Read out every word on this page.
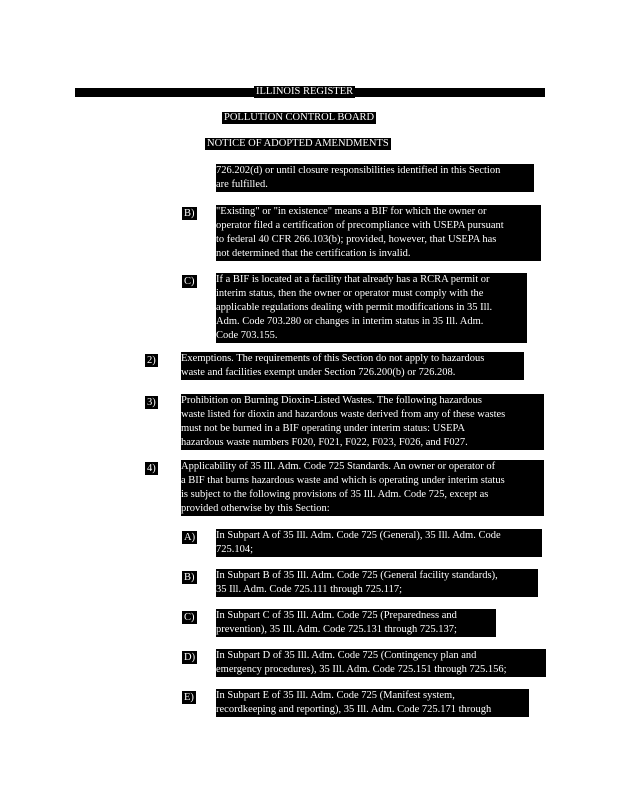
ILLINOIS REGISTER
POLLUTION CONTROL BOARD
NOTICE OF ADOPTED AMENDMENTS
726.202(d) or until closure responsibilities identified in this Section
are fulfilled.
B) "Existing" or "in existence" means a BIF for which the owner or
operator filed a certification of precompliance with USEPA pursuant
to federal 40 CFR 266.103(b); provided, however, that USEPA has
not determined that the certification is invalid.
C) If a BIF is located at a facility that already has a RCRA permit or
interim status, then the owner or operator must comply with the
applicable regulations dealing with permit modifications in 35 Ill.
Adm. Code 703.280 or changes in interim status in 35 Ill. Adm.
Code 703.155.
2) Exemptions. The requirements of this Section do not apply to hazardous
waste and facilities exempt under Section 726.200(b) or 726.208.
3) Prohibition on Burning Dioxin-Listed Wastes. The following hazardous
waste listed for dioxin and hazardous waste derived from any of these wastes
must not be burned in a BIF operating under interim status: USEPA
hazardous waste numbers F020, F021, F022, F023, F026, and F027.
4) Applicability of 35 Ill. Adm. Code 725 Standards. An owner or operator of
a BIF that burns hazardous waste and which is operating under interim status
is subject to the following provisions of 35 Ill. Adm. Code 725, except as
provided otherwise by this Section:
A) In Subpart A of 35 Ill. Adm. Code 725 (General), 35 Ill. Adm. Code
725.104;
B) In Subpart B of 35 Ill. Adm. Code 725 (General facility standards),
35 Ill. Adm. Code 725.111 through 725.117;
C) In Subpart C of 35 Ill. Adm. Code 725 (Preparedness and
prevention), 35 Ill. Adm. Code 725.131 through 725.137;
D) In Subpart D of 35 Ill. Adm. Code 725 (Contingency plan and
emergency procedures), 35 Ill. Adm. Code 725.151 through 725.156;
E) In Subpart E of 35 Ill. Adm. Code 725 (Manifest system,
recordkeeping and reporting), 35 Ill. Adm. Code 725.171 through
